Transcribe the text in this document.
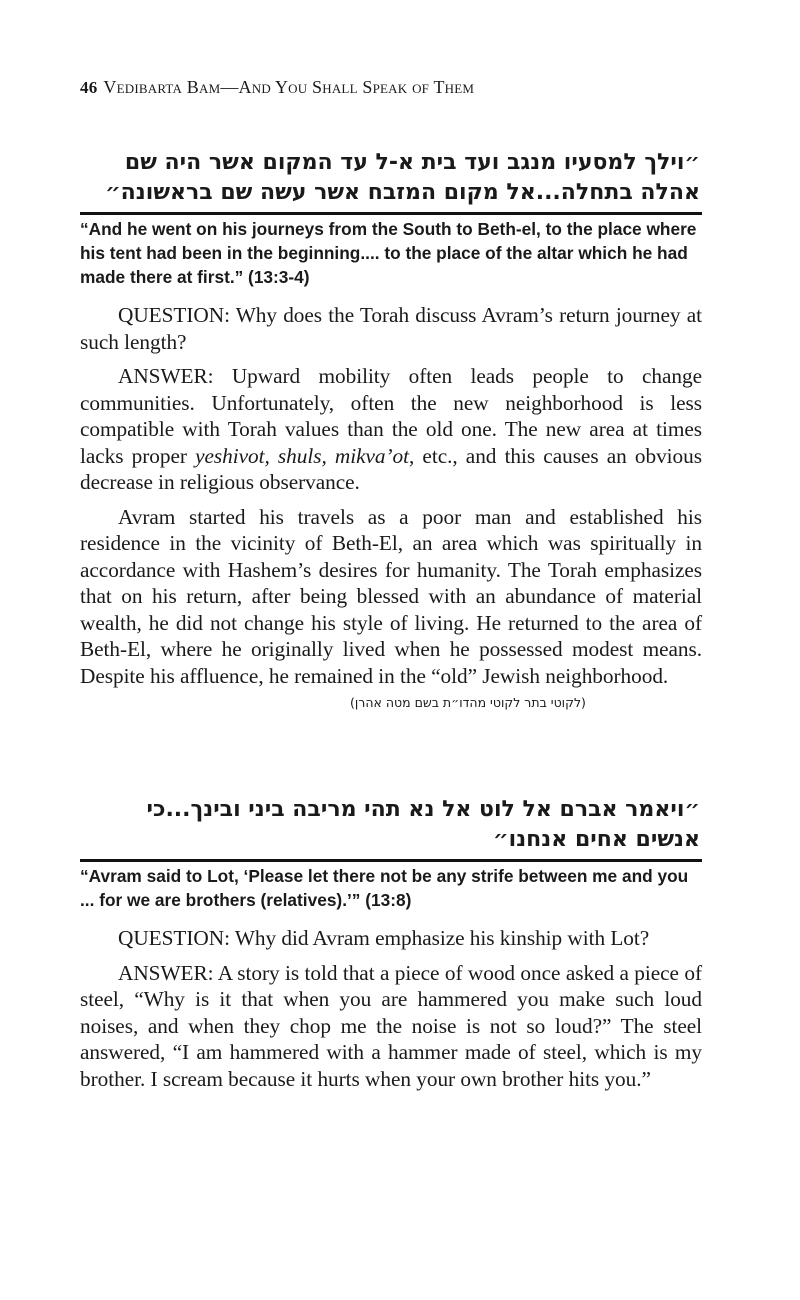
46 Vedibarta Bam—And You Shall Speak of Them
״וילך למסעיו מנגב ועד בית א-ל עד המקום אשר היה שם אהלה בתחלה...אל מקום המזבח אשר עשה שם בראשונה״
“And he went on his journeys from the South to Beth-el, to the place where his tent had been in the beginning.... to the place of the altar which he had made there at first.” (13:3-4)

QUESTION: Why does the Torah discuss Avram’s return journey at such length?

ANSWER: Upward mobility often leads people to change communities. Unfortunately, often the new neighborhood is less compatible with Torah values than the old one. The new area at times lacks proper yeshivot, shuls, mikva’ot, etc., and this causes an obvious decrease in religious observance.

Avram started his travels as a poor man and established his residence in the vicinity of Beth-El, an area which was spiritually in accordance with Hashem’s desires for humanity. The Torah emphasizes that on his return, after being blessed with an abundance of material wealth, he did not change his style of living. He returned to the area of Beth-El, where he originally lived when he possessed modest means. Despite his affluence, he remained in the “old” Jewish neighborhood.

(לקוטי בתר לקוטי מהדו״ת בשם מטה אהרן)
״ויאמר אברם אל לוט אל נא תהי מריבה ביני ובינך...כי אנשים אחים אנחנו״
“Avram said to Lot, ‘Please let there not be any strife between me and you ... for we are brothers (relatives).’” (13:8)

QUESTION: Why did Avram emphasize his kinship with Lot?

ANSWER: A story is told that a piece of wood once asked a piece of steel, “Why is it that when you are hammered you make such loud noises, and when they chop me the noise is not so loud?” The steel answered, “I am hammered with a hammer made of steel, which is my brother. I scream because it hurts when your own brother hits you.”
